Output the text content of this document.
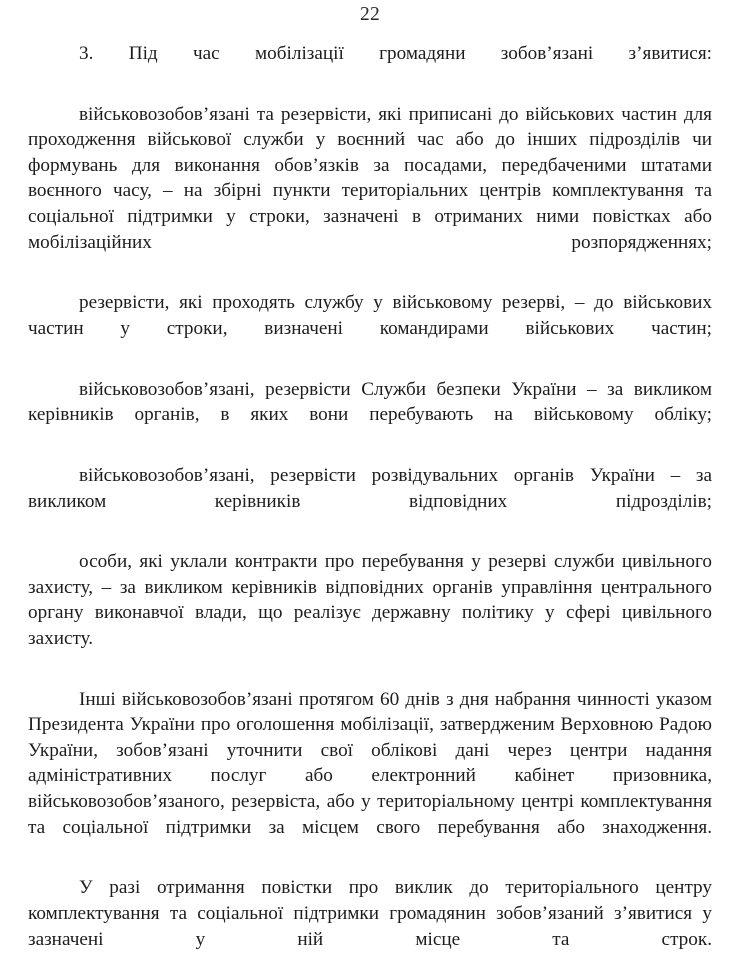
22

3. Під час мобілізації громадяни зобов’язані з’явитися:

військовозобов’язані та резервісти, які приписані до військових частин для проходження військової служби у воєнний час або до інших підрозділів чи формувань для виконання обов’язків за посадами, передбаченими штатами воєнного часу, – на збірні пункти територіальних центрів комплектування та соціальної підтримки у строки, зазначені в отриманих ними повістках або мобілізаційних розпорядженнях;

резервісти, які проходять службу у військовому резерві, – до військових частин у строки, визначені командирами військових частин;

військовозобов’язані, резервісти Служби безпеки України – за викликом керівників органів, в яких вони перебувають на військовому обліку;

військовозобов’язані, резервісти розвідувальних органів України – за викликом керівників відповідних підрозділів;

особи, які уклали контракти про перебування у резерві служби цивільного захисту, – за викликом керівників відповідних органів управління центрального органу виконавчої влади, що реалізує державну політику у сфері цивільного захисту.

Інші військовозобов’язані протягом 60 днів з дня набрання чинності указом Президента України про оголошення мобілізації, затвердженим Верховною Радою України, зобов’язані уточнити свої облікові дані через центри надання адміністративних послуг або електронний кабінет призовника, військовозобов’язаного, резервіста, або у територіальному центрі комплектування та соціальної підтримки за місцем свого перебування або знаходження.

У разі отримання повістки про виклик до територіального центру комплектування та соціальної підтримки громадянин зобов’язаний з’явитися у зазначені у ній місце та строк.
